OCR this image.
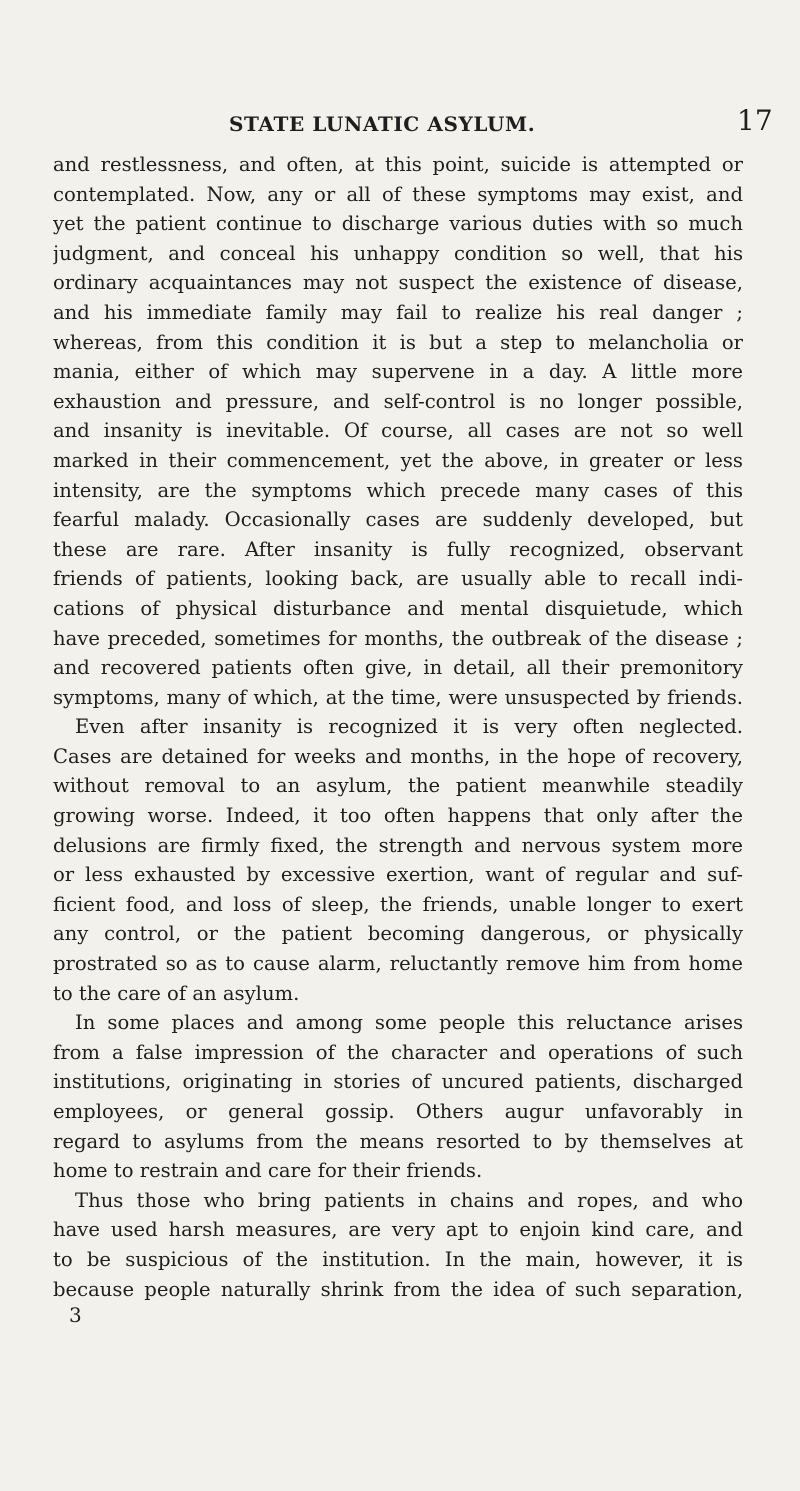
STATE LUNATIC ASYLUM.	17
and restlessness, and often, at this point, suicide is attempted or
contemplated. Now, any or all of these symptoms may exist, and
yet the patient continue to discharge various duties with so much
judgment, and conceal his unhappy condition so well, that his
ordinary acquaintances may not suspect the existence of disease,
and his immediate family may fail to realize his real danger ;
whereas, from this condition it is but a step to melancholia or
mania, either of which may supervene in a day. A little more
exhaustion and pressure, and self-control is no longer possible,
and insanity is inevitable. Of course, all cases are not so well
marked in their commencement, yet the above, in greater or less
intensity, are the symptoms which precede many cases of this
fearful malady. Occasionally cases are suddenly developed, but
these are rare. After insanity is fully recognized, observant
friends of patients, looking back, are usually able to recall indi-
cations of physical disturbance and mental disquietude, which
have preceded, sometimes for months, the outbreak of the disease ;
and recovered patients often give, in detail, all their premonitory
symptoms, many of which, at the time, were unsuspected by friends.
Even after insanity is recognized it is very often neglected.
Cases are detained for weeks and months, in the hope of recovery,
without removal to an asylum, the patient meanwhile steadily
growing worse. Indeed, it too often happens that only after the
delusions are firmly fixed, the strength and nervous system more
or less exhausted by excessive exertion, want of regular and suf-
ficient food, and loss of sleep, the friends, unable longer to exert
any control, or the patient becoming dangerous, or physically
prostrated so as to cause alarm, reluctantly remove him from home
to the care of an asylum.
In some places and among some people this reluctance arises
from a false impression of the character and operations of such
institutions, originating in stories of uncured patients, discharged
employees, or general gossip. Others augur unfavorably in
regard to asylums from the means resorted to by themselves at
home to restrain and care for their friends.
Thus those who bring patients in chains and ropes, and who
have used harsh measures, are very apt to enjoin kind care, and
to be suspicious of the institution. In the main, however, it is
because people naturally shrink from the idea of such separation,
3
